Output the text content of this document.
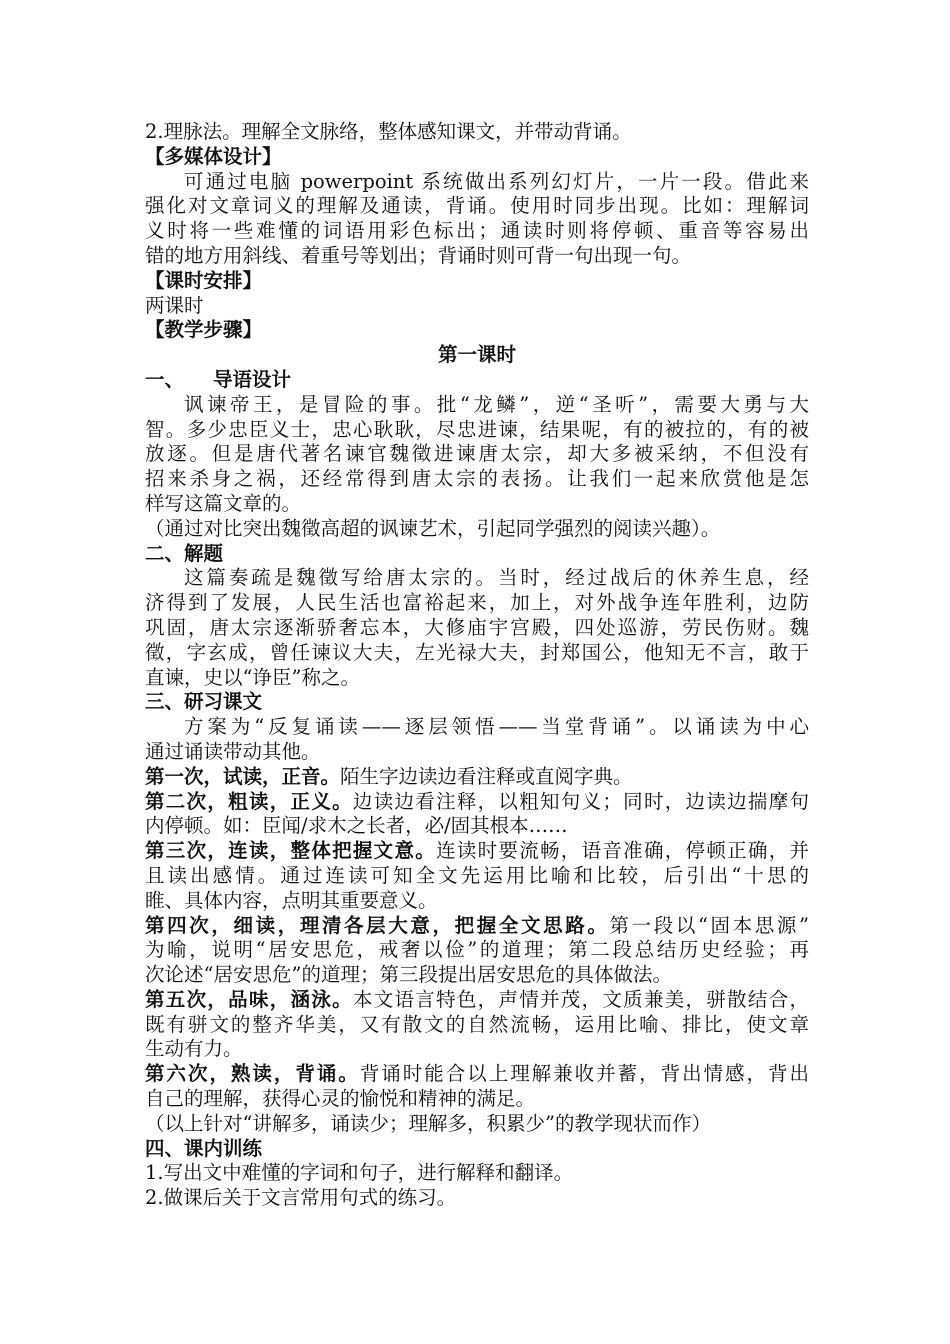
2.理脉法。理解全文脉络，整体感知课文，并带动背诵。
【多媒体设计】
可通过电脑 powerpoint 系统做出系列幻灯片，一片一段。借此来
强化对文章词义的理解及通读，背诵。使用时同步出现。比如：理解词
义时将一些难懂的词语用彩色标出；通读时则将停顿、重音等容易出
错的地方用斜线、着重号等划出；背诵时则可背一句出现一句。
【课时安排】
两课时
【教学步骤】
第一课时
一、 导语设计
讽谏帝王，是冒险的事。批“龙鳞”，逆“圣听”，需要大勇与大
智。多少忠臣义士，忠心耿耿，尽忠进谏，结果呢，有的被拉的，有的被
放逐。但是唐代著名谏官魏徵进谏唐太宗，却大多被采纳，不但没有
招来杀身之祸，还经常得到唐太宗的表扬。让我们一起来欣赏他是怎
样写这篇文章的。
（通过对比突出魏徵高超的讽谏艺术，引起同学强烈的阅读兴趣）。
二、解题
这篇奏疏是魏徵写给唐太宗的。当时，经过战后的休养生息，经
济得到了发展，人民生活也富裕起来，加上，对外战争连年胜利，边防
巩固，唐太宗逐渐骄奢忘本，大修庙宇宫殿，四处巡游，劳民伤财。魏
徵，字玄成，曾任谏议大夫，左光禄大夫，封郑国公，他知无不言，敢于
直谏，史以“诤臣”称之。
三、研习课文
方案为“反复诵读——逐层领悟——当堂背诵”。以诵读为中心
通过诵读带动其他。
第一次，试读，正音。陌生字边读边看注释或直阅字典。
第二次，粗读，正义。边读边看注释，以粗知句义；同时，边读边揣摩句
内停顿。如：臣闻/求木之长者，必/固其根本……
第三次，连读，整体把握文意。连读时要流畅，语音准确，停顿正确，并
且读出感情。通过连读可知全文先运用比喻和比较，后引出“十思的
睢、具体内容，点明其重要意义。
第四次，细读，理清各层大意，把握全文思路。第一段以“固本思源”
为喻，说明“居安思危，戒奢以俭”的道理；第二段总结历史经验；再
次论述“居安思危”的道理；第三段提出居安思危的具体做法。
第五次，品味，涵泳。本文语言特色，声情并茂，文质兼美，骈散结合，
既有骈文的整齐华美，又有散文的自然流畅，运用比喻、排比，使文章
生动有力。
第六次，熟读，背诵。背诵时能合以上理解兼收并蓄，背出情感，背出
自己的理解，获得心灵的愉悦和精神的满足。
（以上针对“讲解多，诵读少；理解多，积累少”的教学现状而作）
四、课内训练
1.写出文中难懂的字词和句子，进行解释和翻译。
2.做课后关于文言常用句式的练习。
